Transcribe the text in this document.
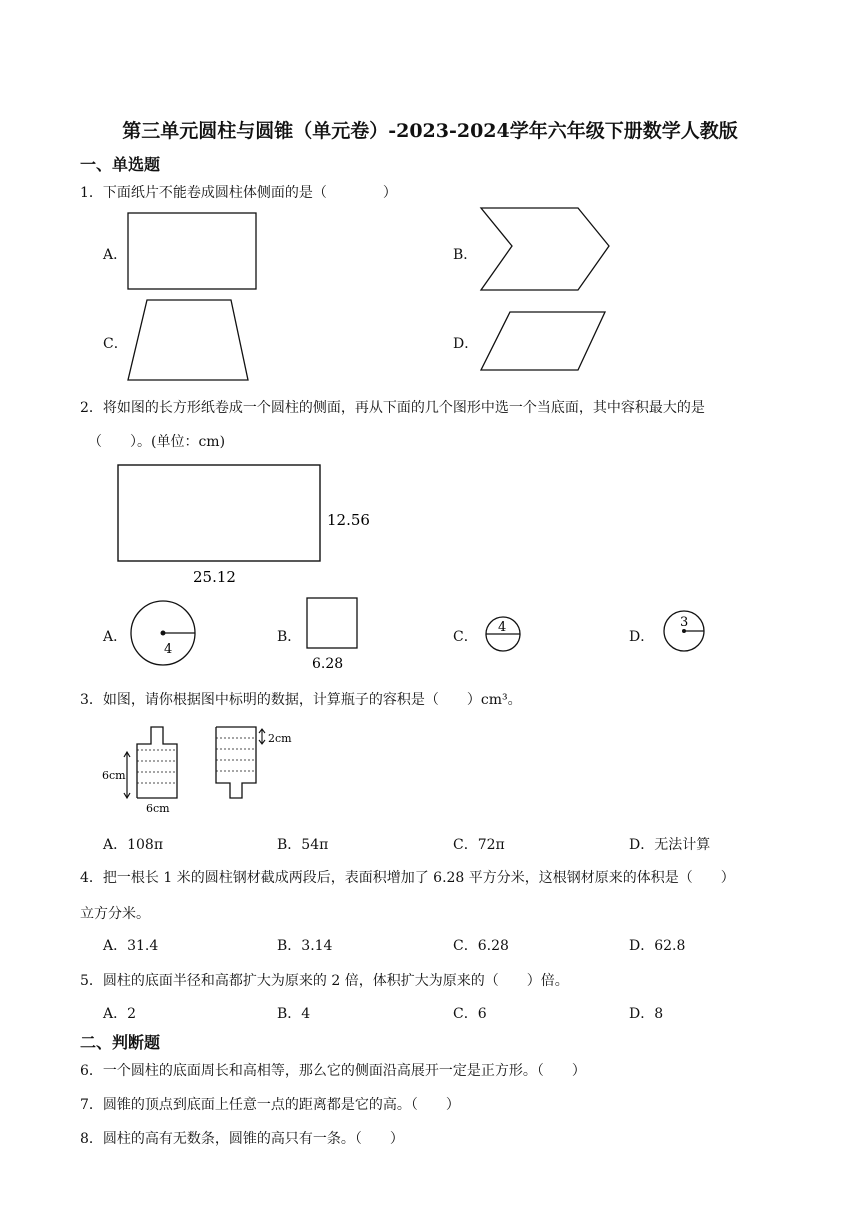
第三单元圆柱与圆锥（单元卷）-2023-2024学年六年级下册数学人教版
一、单选题
1．下面纸片不能卷成圆柱体侧面的是（　　　　）
A．	B．
C．	D．
12.56
25.12
4
6.28
4	3
6cm
6cm
2cm
2．将如图的长方形纸卷成一个圆柱的侧面，再从下面的几个图形中选一个当底面，其中容积最大的是
（　　）。(单位：cm)
A．	B．	C．	D．
3．如图，请你根据图中标明的数据，计算瓶子的容积是（　　）cm³。
A．108π	B．54π	C．72π	D．无法计算
4．把一根长 1 米的圆柱钢材截成两段后，表面积增加了 6.28 平方分米，这根钢材原来的体积是（　　）
立方分米。
A．31.4	B．3.14	C．6.28	D．62.8
5．圆柱的底面半径和高都扩大为原来的 2 倍，体积扩大为原来的（　　）倍。
A．2	B．4	C．6	D．8
二、判断题
6．一个圆柱的底面周长和高相等，那么它的侧面沿高展开一定是正方形。（　　）
7．圆锥的顶点到底面上任意一点的距离都是它的高。（　　）
8．圆柱的高有无数条，圆锥的高只有一条。（　　）
